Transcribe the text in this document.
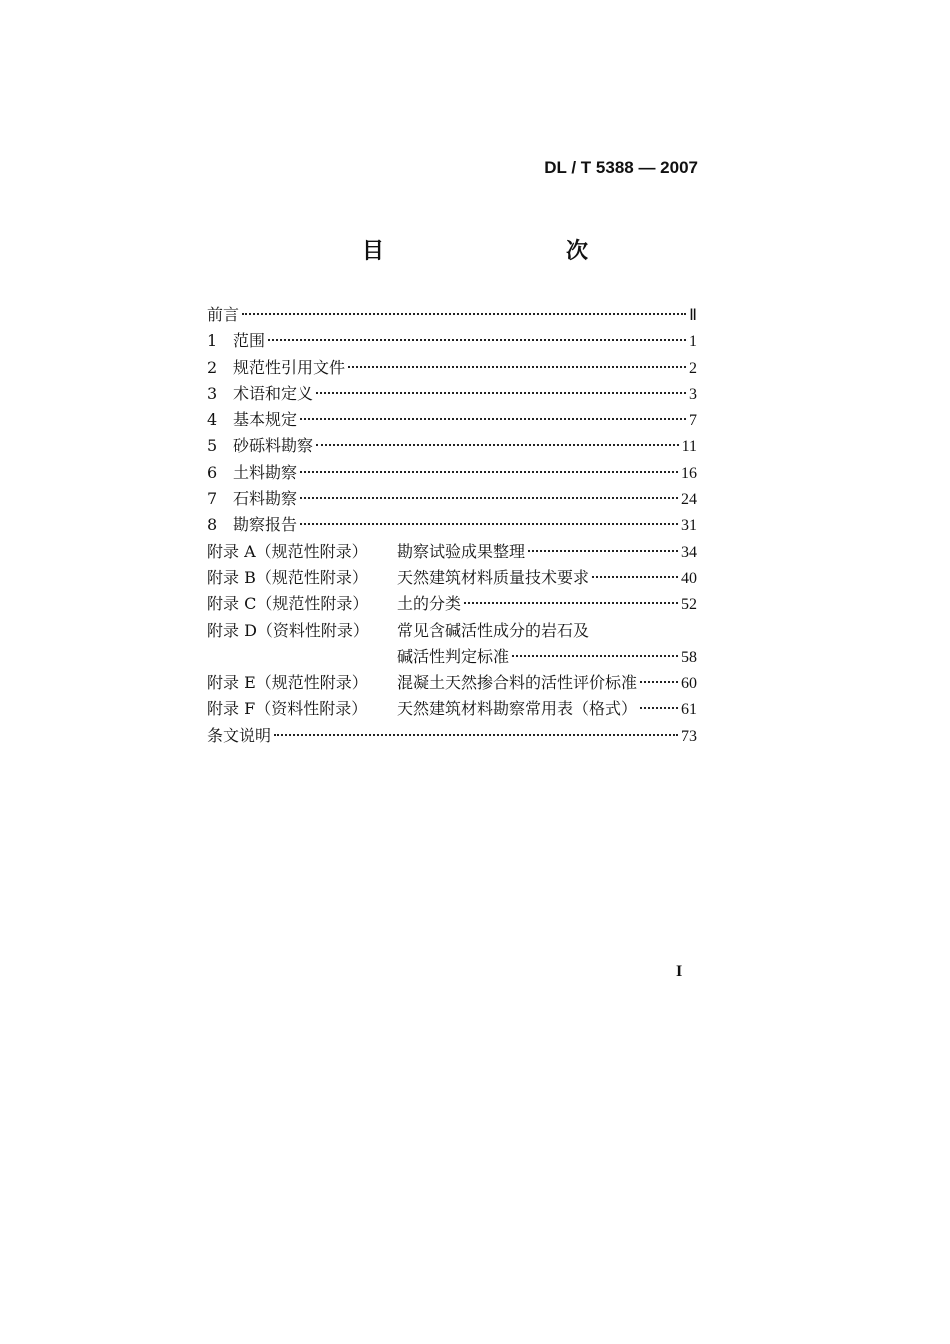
DL / T 5388 — 2007
目　　次
前言	Ⅱ
1 范围	1
2 规范性引用文件	2
3 术语和定义	3
4 基本规定	7
5 砂砾料勘察	11
6 土料勘察	16
7 石料勘察	24
8 勘察报告	31
附录 A（规范性附录）	勘察试验成果整理	34
附录 B（规范性附录）	天然建筑材料质量技术要求	40
附录 C（规范性附录）	土的分类	52
附录 D（资料性附录）	常见含碱活性成分的岩石及
碱活性判定标准	58
附录 E（规范性附录）	混凝土天然掺合料的活性评价标准	60
附录 F（资料性附录）	天然建筑材料勘察常用表（格式）	61
条文说明	73
I
